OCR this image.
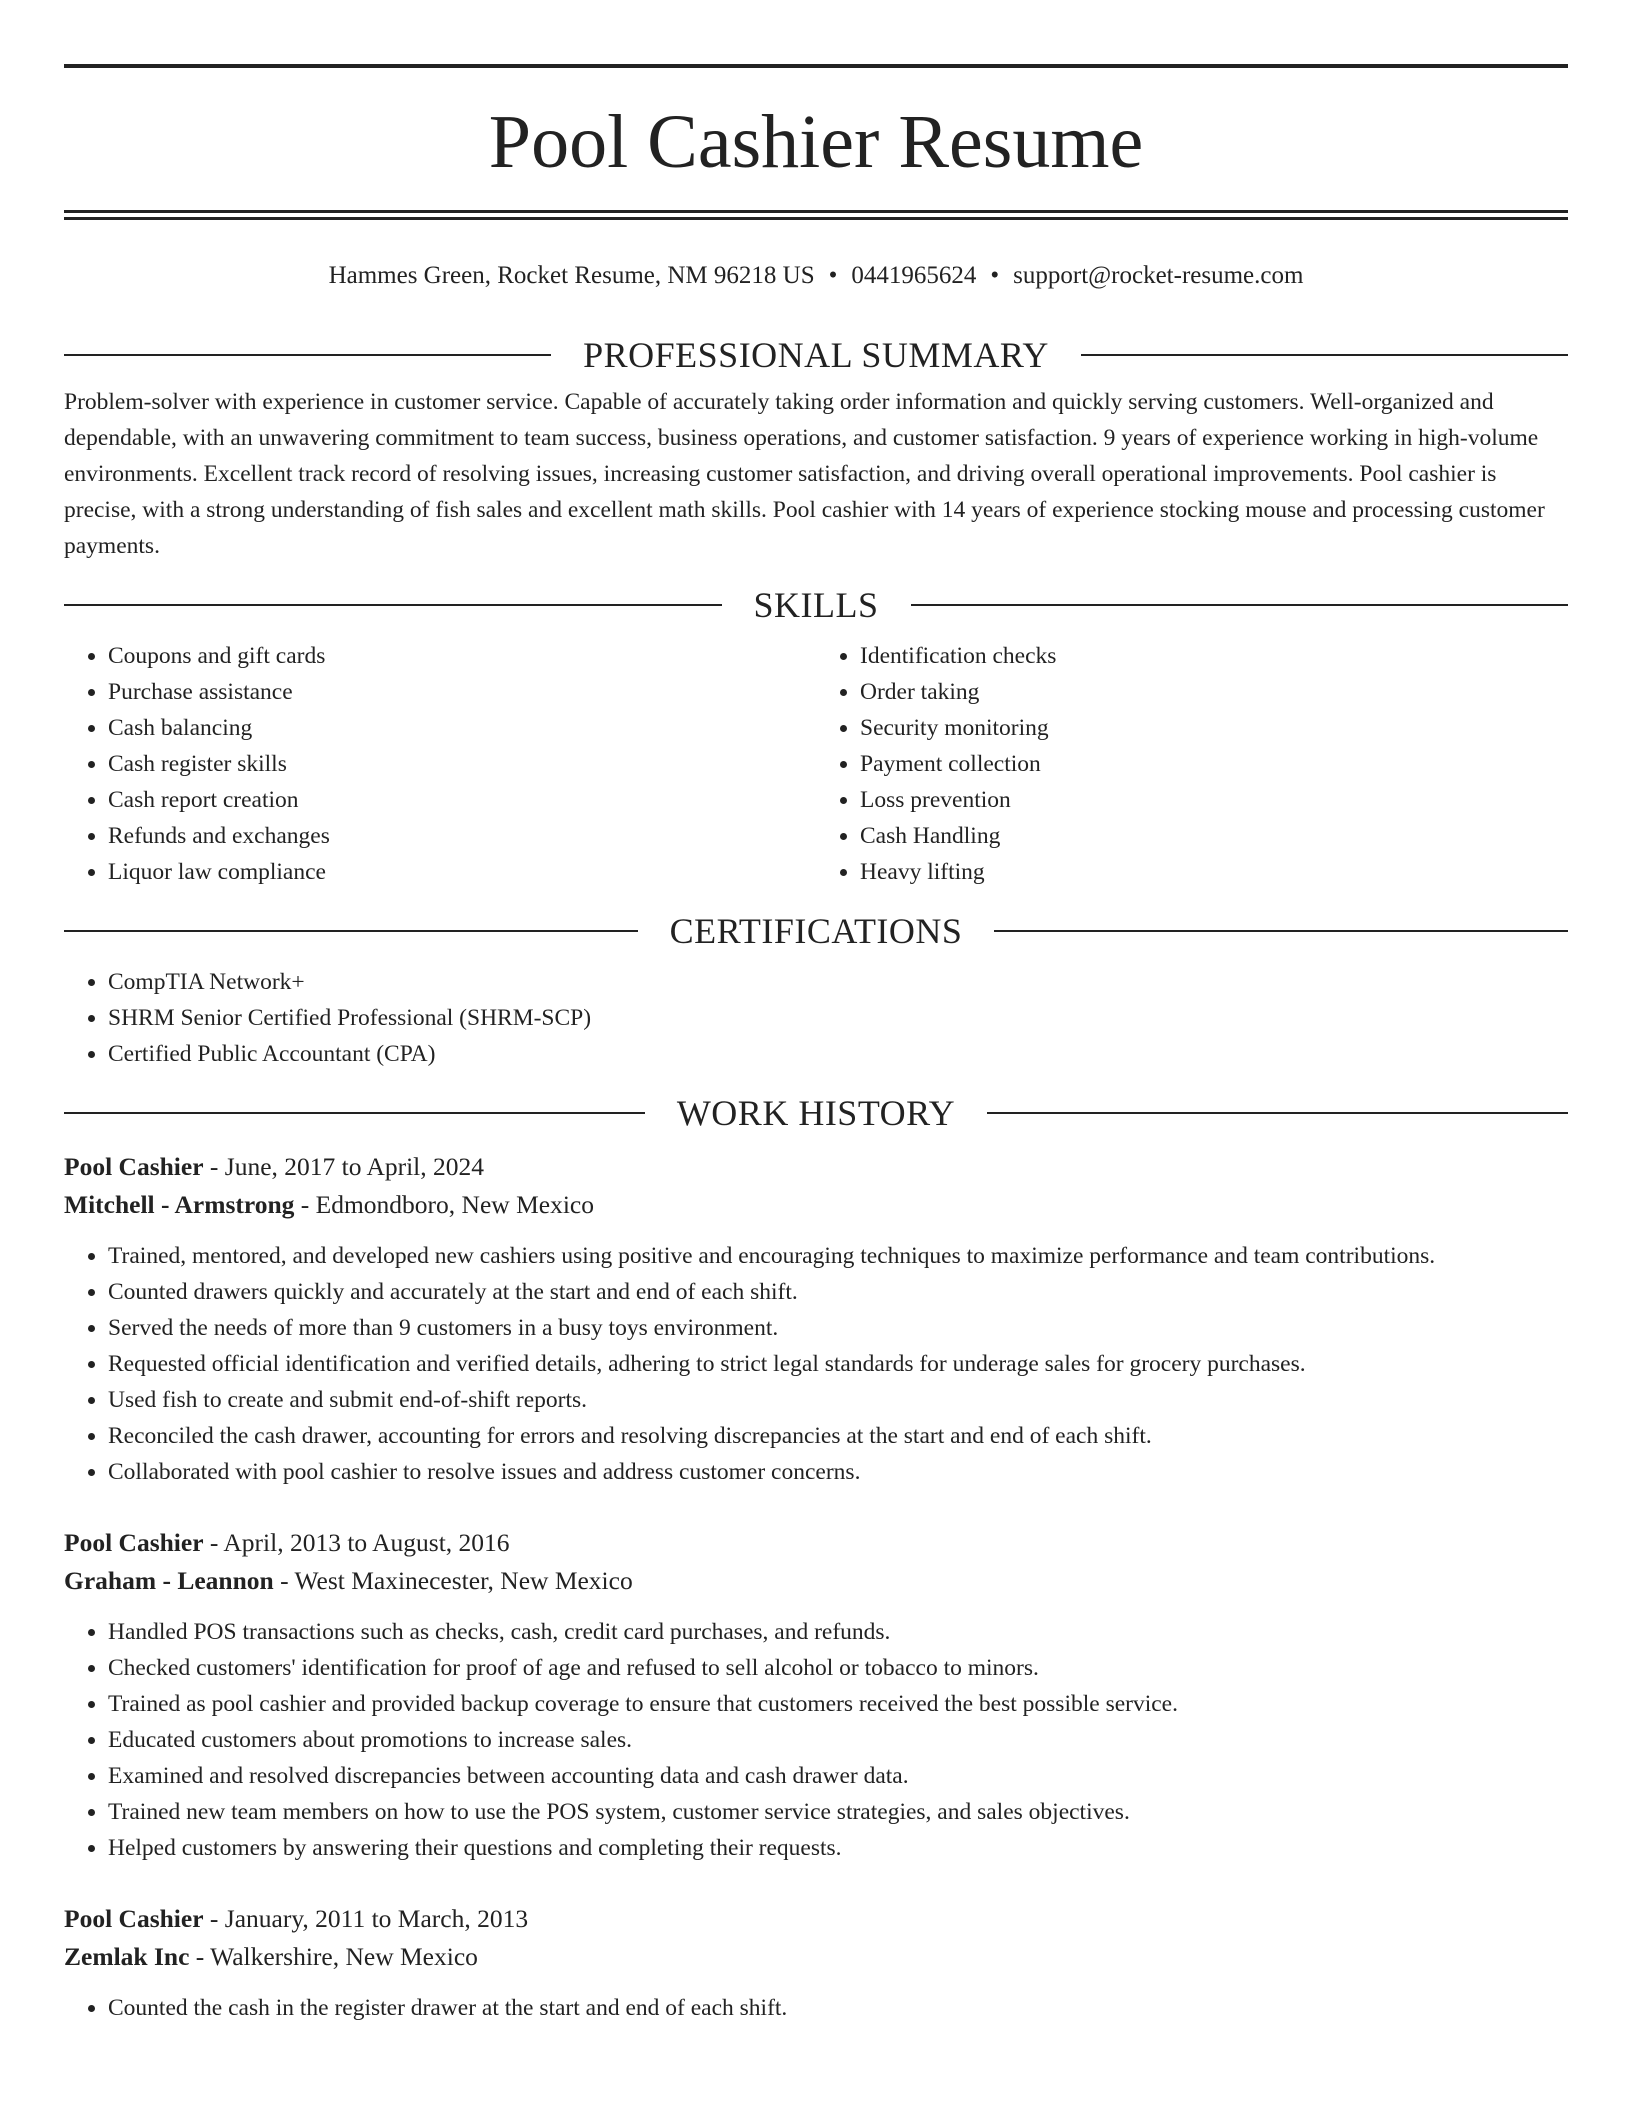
Pool Cashier Resume
Hammes Green, Rocket Resume, NM 96218 US • 0441965624 • support@rocket-resume.com
PROFESSIONAL SUMMARY

Problem-solver with experience in customer service. Capable of accurately taking order information and quickly serving customers. Well-organized and dependable, with an unwavering commitment to team success, business operations, and customer satisfaction. 9 years of experience working in high-volume environments. Excellent track record of resolving issues, increasing customer satisfaction, and driving overall operational improvements. Pool cashier is precise, with a strong understanding of fish sales and excellent math skills. Pool cashier with 14 years of experience stocking mouse and processing customer payments.

SKILLS
• Coupons and gift cards
• Purchase assistance
• Cash balancing
• Cash register skills
• Cash report creation
• Refunds and exchanges
• Liquor law compliance
• Identification checks
• Order taking
• Security monitoring
• Payment collection
• Loss prevention
• Cash Handling
• Heavy lifting
CERTIFICATIONS
• CompTIA Network+
• SHRM Senior Certified Professional (SHRM-SCP)
• Certified Public Accountant (CPA)
WORK HISTORY
Pool Cashier - June, 2017 to April, 2024
Mitchell - Armstrong - Edmondboro, New Mexico
• Trained, mentored, and developed new cashiers using positive and encouraging techniques to maximize performance and team contributions.
• Counted drawers quickly and accurately at the start and end of each shift.
• Served the needs of more than 9 customers in a busy toys environment.
• Requested official identification and verified details, adhering to strict legal standards for underage sales for grocery purchases.
• Used fish to create and submit end-of-shift reports.
• Reconciled the cash drawer, accounting for errors and resolving discrepancies at the start and end of each shift.
• Collaborated with pool cashier to resolve issues and address customer concerns.
Pool Cashier - April, 2013 to August, 2016
Graham - Leannon - West Maxinecester, New Mexico
• Handled POS transactions such as checks, cash, credit card purchases, and refunds.
• Checked customers' identification for proof of age and refused to sell alcohol or tobacco to minors.
• Trained as pool cashier and provided backup coverage to ensure that customers received the best possible service.
• Educated customers about promotions to increase sales.
• Examined and resolved discrepancies between accounting data and cash drawer data.
• Trained new team members on how to use the POS system, customer service strategies, and sales objectives.
• Helped customers by answering their questions and completing their requests.
Pool Cashier - January, 2011 to March, 2013
Zemlak Inc - Walkershire, New Mexico
• Counted the cash in the register drawer at the start and end of each shift.
